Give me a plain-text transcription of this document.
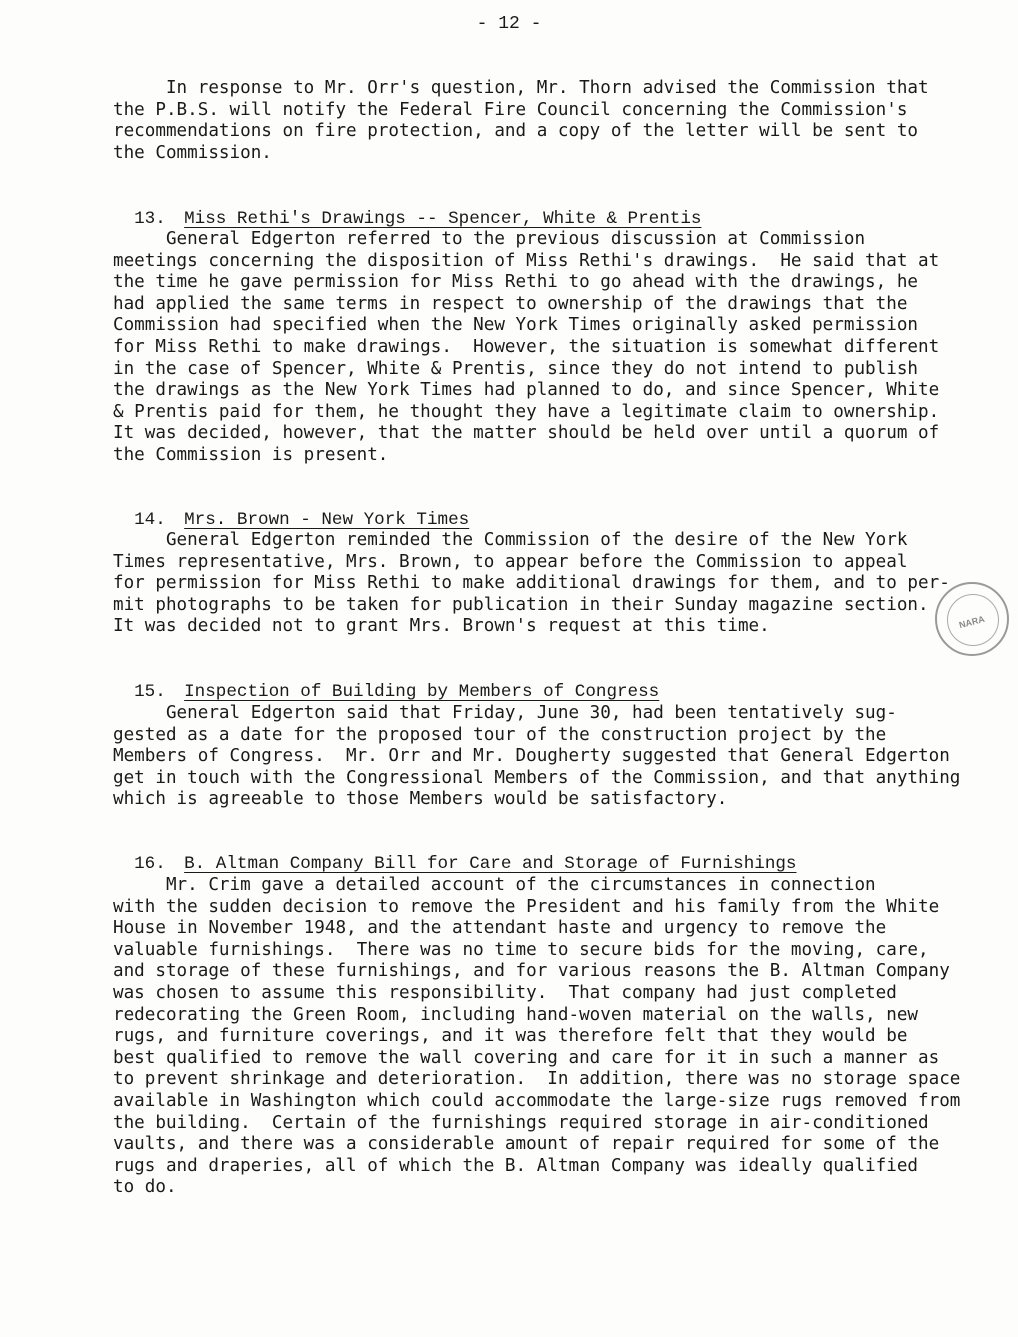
- 12 -
In response to Mr. Orr's question, Mr. Thorn advised the Commission that
the P.B.S. will notify the Federal Fire Council concerning the Commission's
recommendations on fire protection, and a copy of the letter will be sent to
the Commission.

13. Miss Rethi's Drawings -- Spencer, White & Prentis

General Edgerton referred to the previous discussion at Commission
meetings concerning the disposition of Miss Rethi's drawings.  He said that at
the time he gave permission for Miss Rethi to go ahead with the drawings, he
had applied the same terms in respect to ownership of the drawings that the
Commission had specified when the New York Times originally asked permission
for Miss Rethi to make drawings.  However, the situation is somewhat different
in the case of Spencer, White & Prentis, since they do not intend to publish
the drawings as the New York Times had planned to do, and since Spencer, White
& Prentis paid for them, he thought they have a legitimate claim to ownership.
It was decided, however, that the matter should be held over until a quorum of
the Commission is present.

14. Mrs. Brown - New York Times

General Edgerton reminded the Commission of the desire of the New York
Times representative, Mrs. Brown, to appear before the Commission to appeal
for permission for Miss Rethi to make additional drawings for them, and to per-
mit photographs to be taken for publication in their Sunday magazine section.
It was decided not to grant Mrs. Brown's request at this time.

15. Inspection of Building by Members of Congress

General Edgerton said that Friday, June 30, had been tentatively sug-
gested as a date for the proposed tour of the construction project by the
Members of Congress.  Mr. Orr and Mr. Dougherty suggested that General Edgerton
get in touch with the Congressional Members of the Commission, and that anything
which is agreeable to those Members would be satisfactory.

16. B. Altman Company Bill for Care and Storage of Furnishings

Mr. Crim gave a detailed account of the circumstances in connection
with the sudden decision to remove the President and his family from the White
House in November 1948, and the attendant haste and urgency to remove the
valuable furnishings.  There was no time to secure bids for the moving, care,
and storage of these furnishings, and for various reasons the B. Altman Company
was chosen to assume this responsibility.  That company had just completed
redecorating the Green Room, including hand-woven material on the walls, new
rugs, and furniture coverings, and it was therefore felt that they would be
best qualified to remove the wall covering and care for it in such a manner as
to prevent shrinkage and deterioration.  In addition, there was no storage space
available in Washington which could accommodate the large-size rugs removed from
the building.  Certain of the furnishings required storage in air-conditioned
vaults, and there was a considerable amount of repair required for some of the
rugs and draperies, all of which the B. Altman Company was ideally qualified
to do.
NARA
